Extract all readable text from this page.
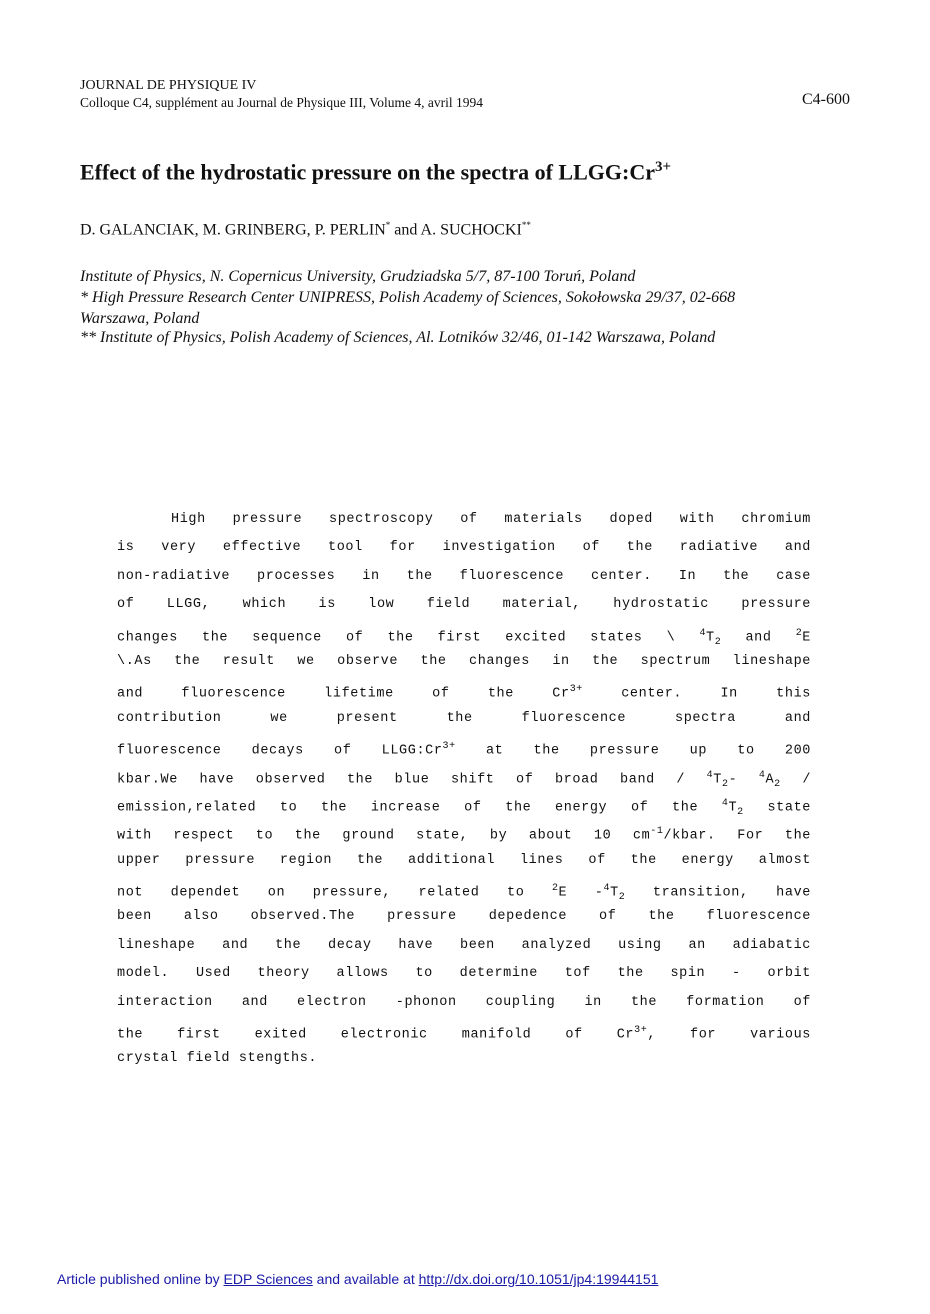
JOURNAL DE PHYSIQUE IV
Colloque C4, supplément au Journal de Physique III, Volume 4, avril 1994	C4-600
Effect of the hydrostatic pressure on the spectra of $LLGG:Cr^{3+}$
D. GALANCIAK, M. GRINBERG, P. PERLIN* and A. SUCHOCKI**
Institute of Physics, N. Copernicus University, Grudziadska 5/7, 87-100 Toruń, Poland
* High Pressure Research Center UNIPRESS, Polish Academy of Sciences, Sokołowska 29/37, 02-668
Warszawa, Poland
** Institute of Physics, Polish Academy of Sciences, Al. Lotników 32/46, 01-142 Warszawa, Poland
High pressure spectroscopy of materials doped with chromium
is very effective tool for investigation of the radiative and
non-radiative processes in the fluorescence center. In the case
of LLGG, which is low field material, hydrostatic pressure
changes the sequence of the first excited states \ $^4T_2$ and $^2$E
\.As the result we observe the changes in the spectrum lineshape
and fluorescence lifetime of the $Cr^{3+}$ center. In this
contribution we present the fluorescence spectra and
fluorescence decays of $LLGG:Cr^{3+}$ at the pressure up to 200
kbar.We have observed the blue shift of broad band / $^4T_2-$ $^4A_2$ /
emission,related to the increase of the energy of the $^4T_2$ state
with respect to the ground state, by about 10 $cm^{-1}$/kbar. For the
upper pressure region the additional lines of the energy almost
not dependet on pressure, related to $^2$E $-^4T_2$ transition, have
been also observed.The pressure depedence of the fluorescence
lineshape and the decay have been analyzed using an adiabatic
model. Used theory allows to determine tof the spin - orbit
interaction and electron -phonon coupling in the formation of
the first exited electronic manifold of $Cr^{3+}$, for various
crystal field stengths.
Article published online by EDP Sciences and available at http://dx.doi.org/10.1051/jp4:19944151
